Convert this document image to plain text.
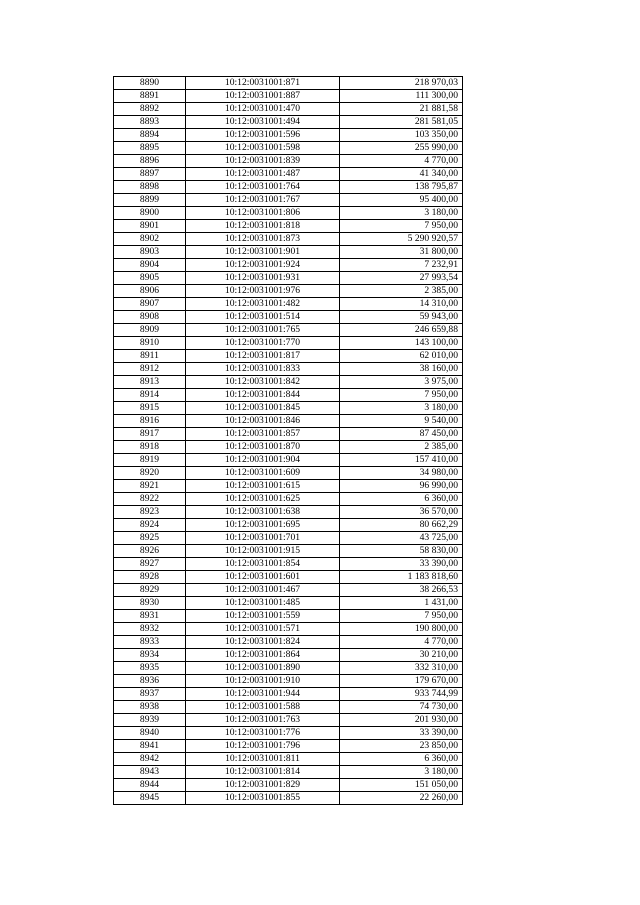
8890	10:12:0031001:871	218 970,03
8891	10:12:0031001:887	111 300,00
8892	10:12:0031001:470	21 881,58
8893	10:12:0031001:494	281 581,05
8894	10:12:0031001:596	103 350,00
8895	10:12:0031001:598	255 990,00
8896	10:12:0031001:839	4 770,00
8897	10:12:0031001:487	41 340,00
8898	10:12:0031001:764	138 795,87
8899	10:12:0031001:767	95 400,00
8900	10:12:0031001:806	3 180,00
8901	10:12:0031001:818	7 950,00
8902	10:12:0031001:873	5 290 920,57
8903	10:12:0031001:901	31 800,00
8904	10:12:0031001:924	7 232,91
8905	10:12:0031001:931	27 993,54
8906	10:12:0031001:976	2 385,00
8907	10:12:0031001:482	14 310,00
8908	10:12:0031001:514	59 943,00
8909	10:12:0031001:765	246 659,88
8910	10:12:0031001:770	143 100,00
8911	10:12:0031001:817	62 010,00
8912	10:12:0031001:833	38 160,00
8913	10:12:0031001:842	3 975,00
8914	10:12:0031001:844	7 950,00
8915	10:12:0031001:845	3 180,00
8916	10:12:0031001:846	9 540,00
8917	10:12:0031001:857	87 450,00
8918	10:12:0031001:870	2 385,00
8919	10:12:0031001:904	157 410,00
8920	10:12:0031001:609	34 980,00
8921	10:12:0031001:615	96 990,00
8922	10:12:0031001:625	6 360,00
8923	10:12:0031001:638	36 570,00
8924	10:12:0031001:695	80 662,29
8925	10:12:0031001:701	43 725,00
8926	10:12:0031001:915	58 830,00
8927	10:12:0031001:854	33 390,00
8928	10:12:0031001:601	1 183 818,60
8929	10:12:0031001:467	38 266,53
8930	10:12:0031001:485	1 431,00
8931	10:12:0031001:559	7 950,00
8932	10:12:0031001:571	190 800,00
8933	10:12:0031001:824	4 770,00
8934	10:12:0031001:864	30 210,00
8935	10:12:0031001:890	332 310,00
8936	10:12:0031001:910	179 670,00
8937	10:12:0031001:944	933 744,99
8938	10:12:0031001:588	74 730,00
8939	10:12:0031001:763	201 930,00
8940	10:12:0031001:776	33 390,00
8941	10:12:0031001:796	23 850,00
8942	10:12:0031001:811	6 360,00
8943	10:12:0031001:814	3 180,00
8944	10:12:0031001:829	151 050,00
8945	10:12:0031001:855	22 260,00
